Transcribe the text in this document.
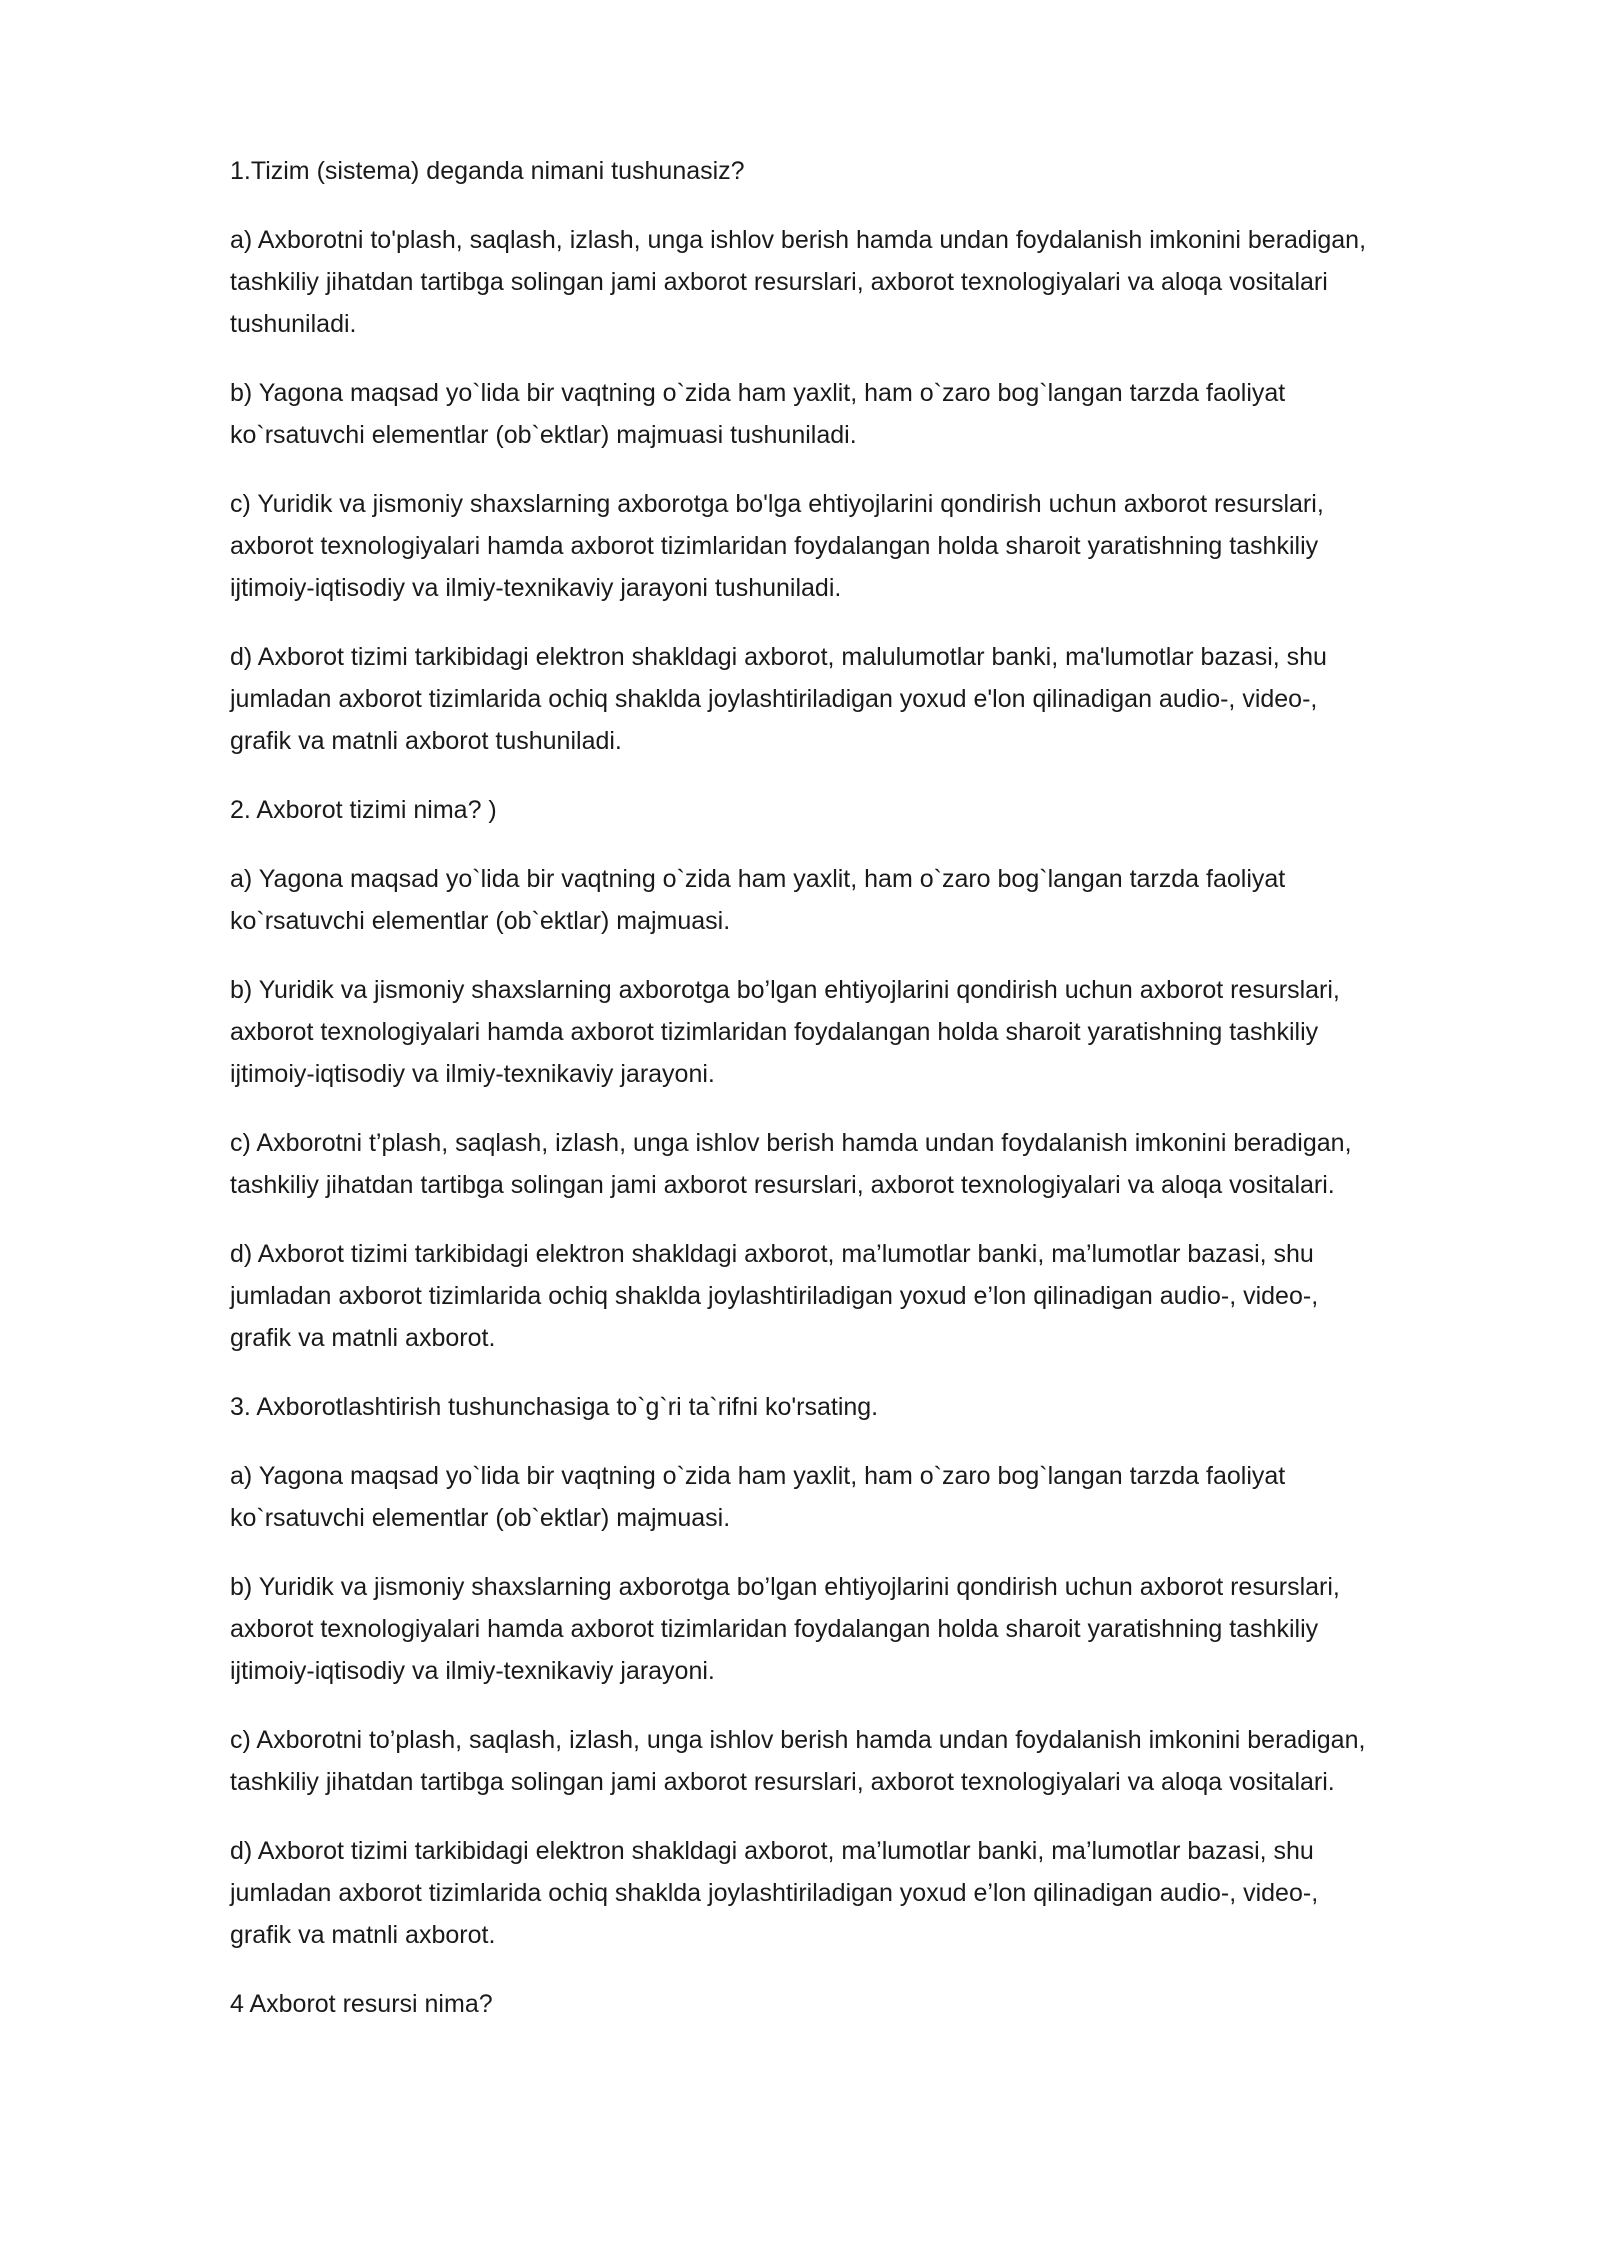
1.Tizim (sistema) deganda nimani tushunasiz?

a) Axborotni to'plash, saqlash, izlash, unga ishlov berish hamda undan foydalanish imkonini beradigan,
tashkiliy jihatdan tartibga solingan jami axborot resurslari, axborot texnologiyalari va aloqa vositalari
tushuniladi.

b) Yagona maqsad yo`lida bir vaqtning o`zida ham yaxlit, ham o`zaro bog`langan tarzda faoliyat
ko`rsatuvchi elementlar (ob`ektlar) majmuasi tushuniladi.

c) Yuridik va jismoniy shaxslarning axborotga bo'lga ehtiyojlarini qondirish uchun axborot resurslari,
axborot texnologiyalari hamda axborot tizimlaridan foydalangan holda sharoit yaratishning tashkiliy
ijtimoiy-iqtisodiy va ilmiy-texnikaviy jarayoni tushuniladi.

d) Axborot tizimi tarkibidagi elektron shakldagi axborot, malulumotlar banki, ma'lumotlar bazasi, shu
jumladan axborot tizimlarida ochiq shaklda joylashtiriladigan yoxud e'lon qilinadigan audio-, video-,
grafik va matnli axborot tushuniladi.

2. Axborot tizimi nima? )

a) Yagona maqsad yo`lida bir vaqtning o`zida ham yaxlit, ham o`zaro bog`langan tarzda faoliyat
ko`rsatuvchi elementlar (ob`ektlar) majmuasi.

b) Yuridik va jismoniy shaxslarning axborotga bo’lgan ehtiyojlarini qondirish uchun axborot resurslari,
axborot texnologiyalari hamda axborot tizimlaridan foydalangan holda sharoit yaratishning tashkiliy
ijtimoiy-iqtisodiy va ilmiy-texnikaviy jarayoni.

c) Axborotni t’plash, saqlash, izlash, unga ishlov berish hamda undan foydalanish imkonini beradigan,
tashkiliy jihatdan tartibga solingan jami axborot resurslari, axborot texnologiyalari va aloqa vositalari.

d) Axborot tizimi tarkibidagi elektron shakldagi axborot, ma’lumotlar banki, ma’lumotlar bazasi, shu
jumladan axborot tizimlarida ochiq shaklda joylashtiriladigan yoxud e’lon qilinadigan audio-, video-,
grafik va matnli axborot.

3. Axborotlashtirish tushunchasiga to`g`ri ta`rifni ko'rsating.

a) Yagona maqsad yo`lida bir vaqtning o`zida ham yaxlit, ham o`zaro bog`langan tarzda faoliyat
ko`rsatuvchi elementlar (ob`ektlar) majmuasi.

b) Yuridik va jismoniy shaxslarning axborotga bo’lgan ehtiyojlarini qondirish uchun axborot resurslari,
axborot texnologiyalari hamda axborot tizimlaridan foydalangan holda sharoit yaratishning tashkiliy
ijtimoiy-iqtisodiy va ilmiy-texnikaviy jarayoni.

c) Axborotni to’plash, saqlash, izlash, unga ishlov berish hamda undan foydalanish imkonini beradigan,
tashkiliy jihatdan tartibga solingan jami axborot resurslari, axborot texnologiyalari va aloqa vositalari.

d) Axborot tizimi tarkibidagi elektron shakldagi axborot, ma’lumotlar banki, ma’lumotlar bazasi, shu
jumladan axborot tizimlarida ochiq shaklda joylashtiriladigan yoxud e’lon qilinadigan audio-, video-,
grafik va matnli axborot.

4 Axborot resursi nima?
